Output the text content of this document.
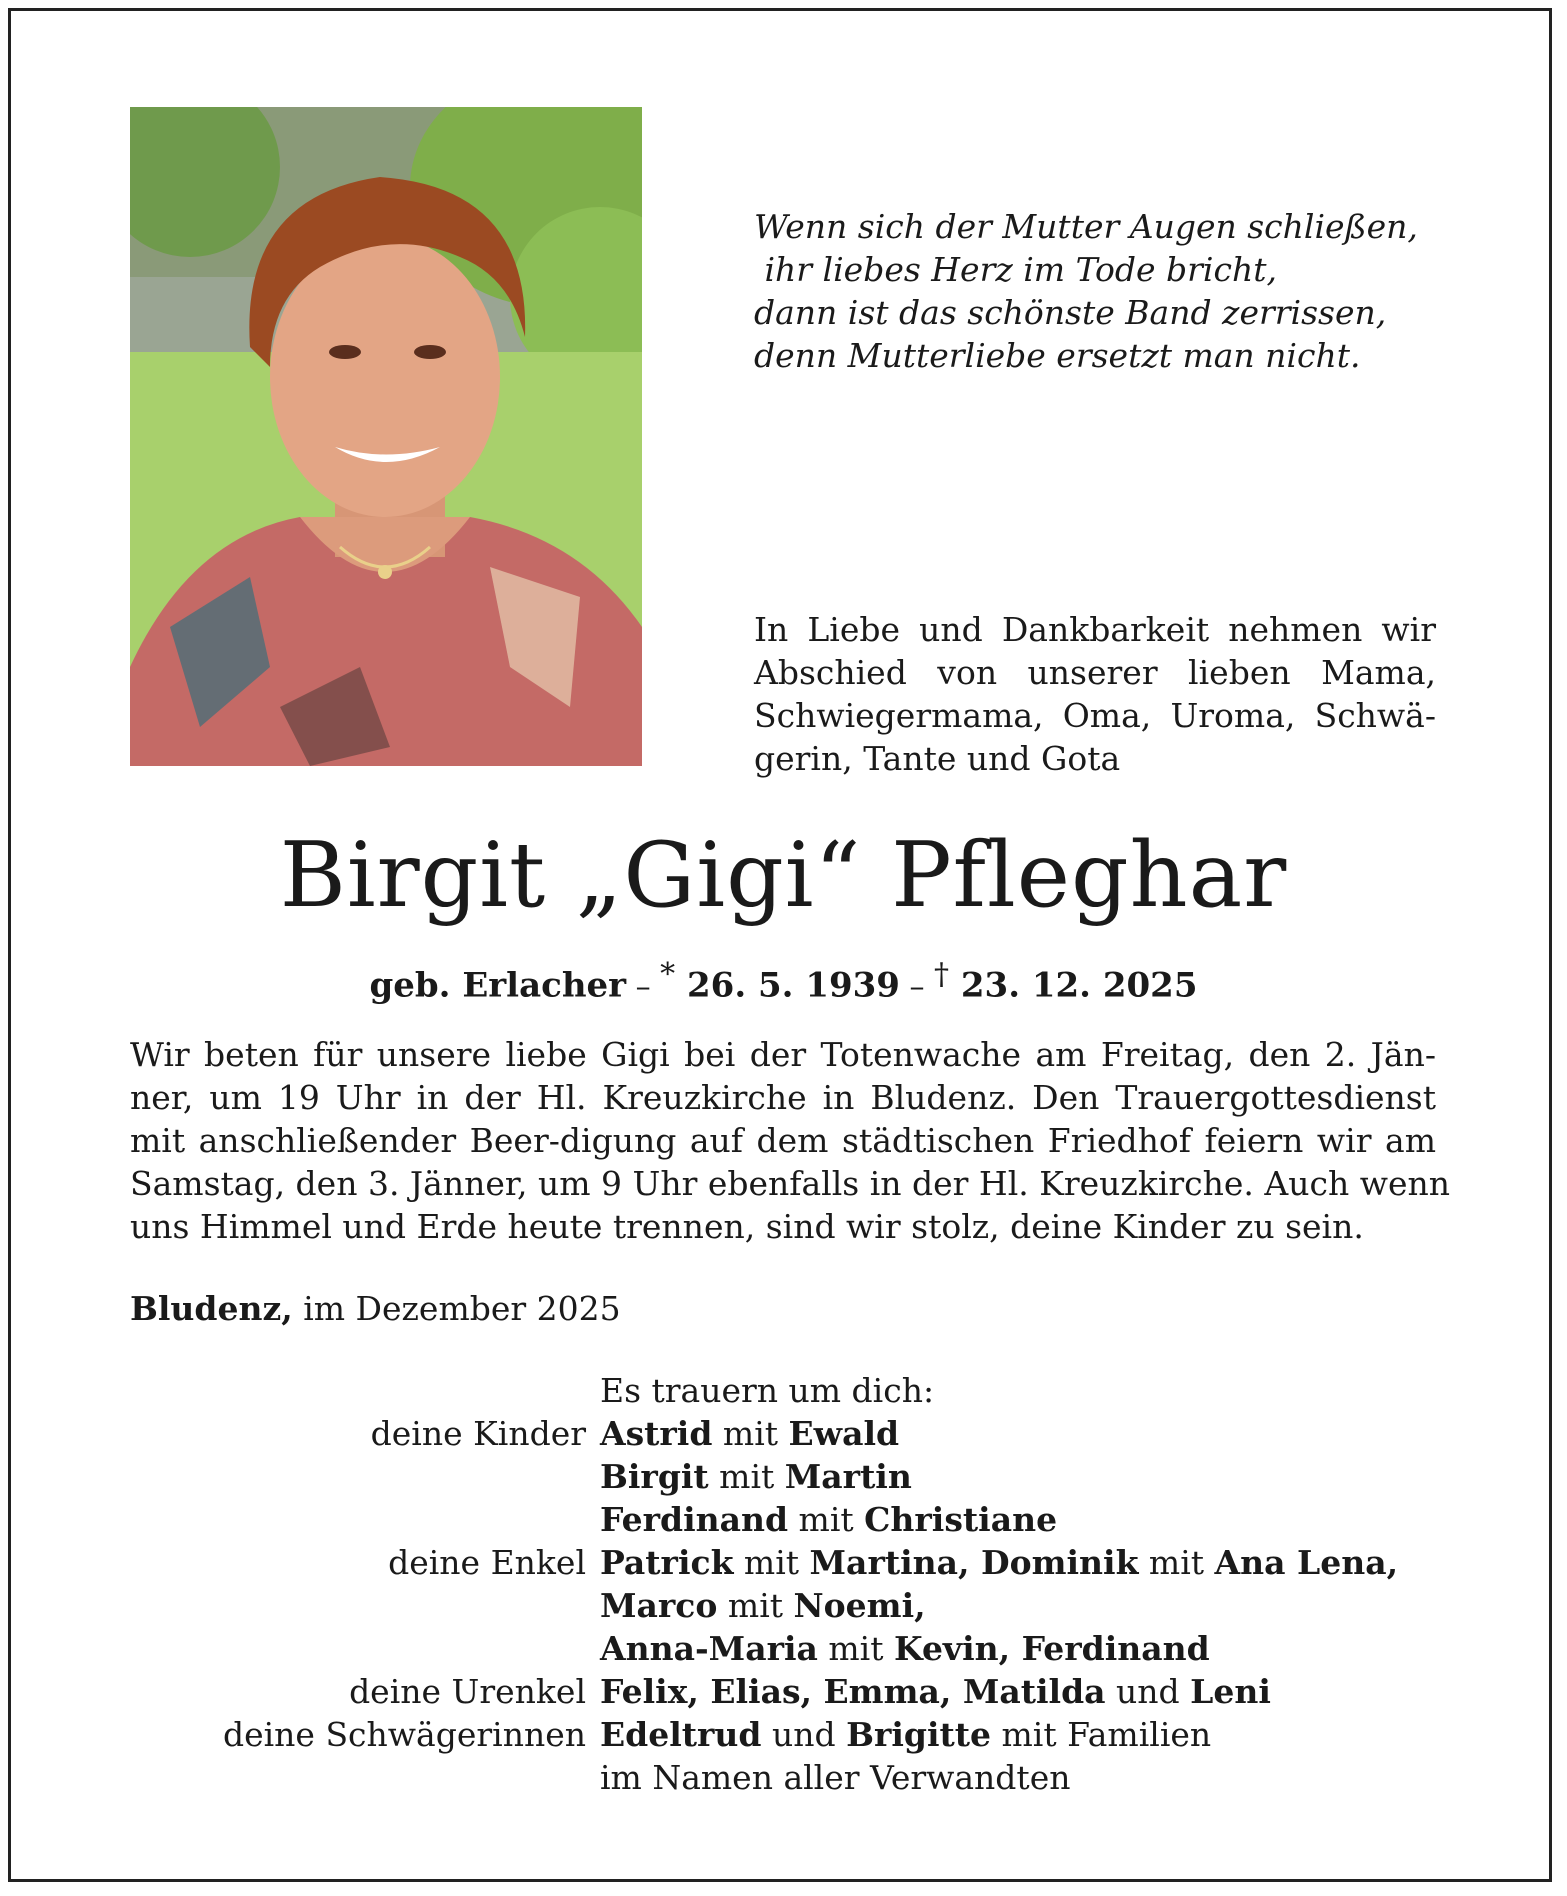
Wenn sich der Mutter Augen schließen,
ihr liebes Herz im Tode bricht,
dann ist das schönste Band zerrissen,
denn Mutterliebe ersetzt man nicht.
In Liebe und Dankbarkeit nehmen wir
Abschied von unserer lieben Mama,
Schwiegermama, Oma, Uroma, Schwä-
gerin, Tante und Gota
Birgit „Gigi“ Pfleghar
geb. Erlacher – * 26. 5. 1939 – † 23. 12. 2025
Wir beten für unsere liebe Gigi bei der Totenwache am Freitag, den 2. Jän-
ner, um 19 Uhr in der Hl. Kreuzkirche in Bludenz. Den Trauergottesdienst
mit anschließender Beer-digung auf dem städtischen Friedhof feiern wir am
Samstag, den 3. Jänner, um 9 Uhr ebenfalls in der Hl. Kreuzkirche. Auch wenn
uns Himmel und Erde heute trennen, sind wir stolz, deine Kinder zu sein.
Bludenz, im Dezember 2025
Es trauern um dich:
deine Kinder Astrid mit Ewald
Birgit mit Martin
Ferdinand mit Christiane
deine Enkel Patrick mit Martina, Dominik mit Ana Lena,
Marco mit Noemi,
Anna-Maria mit Kevin, Ferdinand
deine Urenkel Felix, Elias, Emma, Matilda und Leni
deine Schwägerinnen Edeltrud und Brigitte mit Familien
im Namen aller Verwandten
